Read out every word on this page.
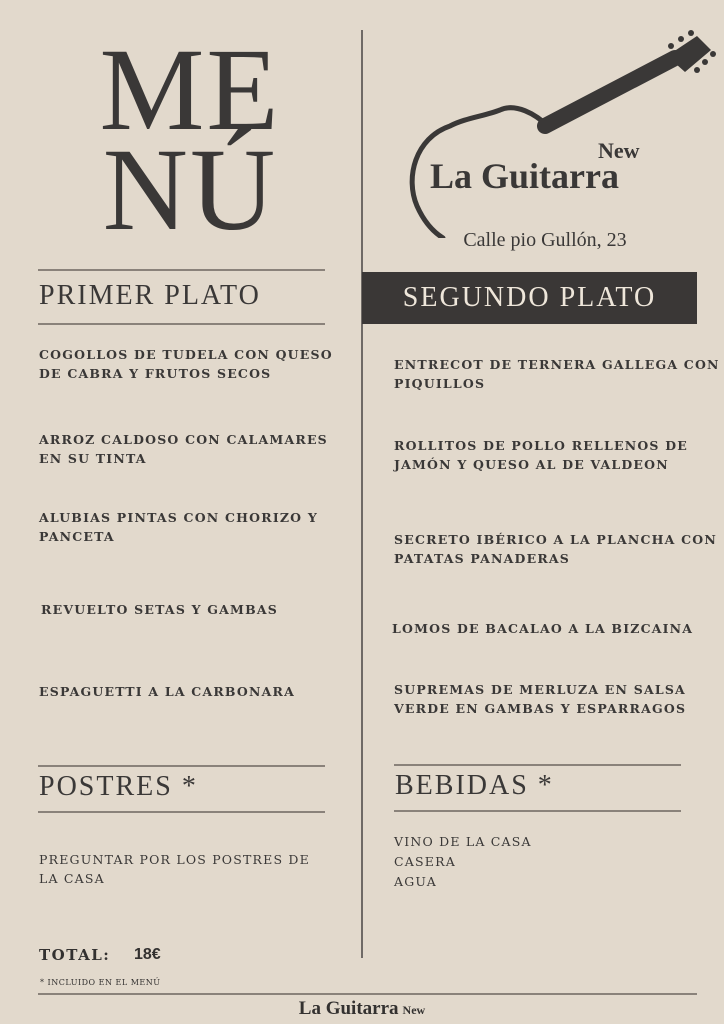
ME
NÚ	New
La Guitarra
Calle pio Gullón, 23
PRIMER PLATO
COGOLLOS DE TUDELA CON QUESO
DE CABRA Y FRUTOS SECOS
ARROZ CALDOSO CON CALAMARES
EN SU TINTA
ALUBIAS PINTAS CON CHORIZO Y
PANCETA
REVUELTO SETAS Y GAMBAS
ESPAGUETTI A LA CARBONARA
SEGUNDO PLATO
ENTRECOT DE TERNERA GALLEGA CON
PIQUILLOS
ROLLITOS DE POLLO RELLENOS DE
JAMÓN Y QUESO AL DE VALDEON
SECRETO IBÉRICO A LA PLANCHA CON
PATATAS PANADERAS
LOMOS DE BACALAO A LA BIZCAINA
SUPREMAS DE MERLUZA EN SALSA
VERDE EN GAMBAS Y ESPARRAGOS
POSTRES *
PREGUNTAR POR LOS POSTRES DE
LA CASA
BEBIDAS *
VINO DE LA CASA
CASERA
AGUA
TOTAL: 18€
* INCLUIDO EN EL MENÚ
La Guitarra New
